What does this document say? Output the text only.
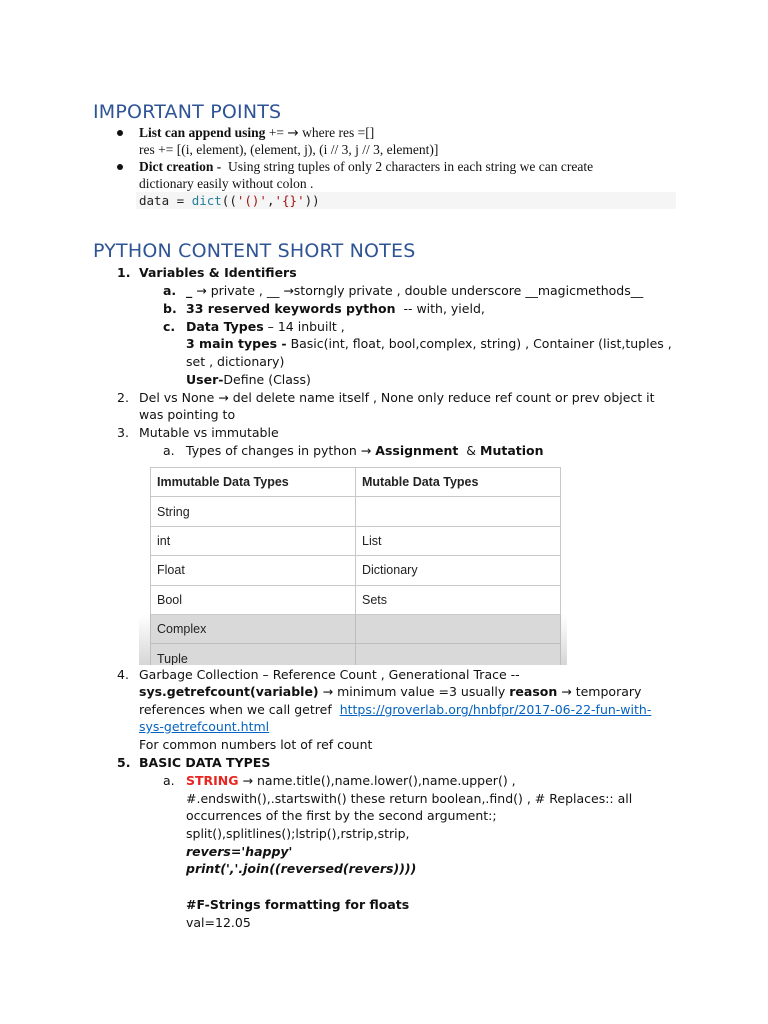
IMPORTANT POINTS
List can append using += → where res =[]
res += [(i, element), (element, j), (i // 3, j // 3, element)]
Dict creation - Using string tuples of only 2 characters in each string we can create
dictionary easily without colon .
data = dict(('()','{}'))
PYTHON CONTENT SHORT NOTES
1. Variables & Identifiers
a. _ → private , __ →storngly private , double underscore __magicmethods__
b. 33 reserved keywords python -- with, yield,
c. Data Types – 14 inbuilt ,
3 main types - Basic(int, float, bool,complex, string) , Container (list,tuples ,
set , dictionary)
User-Define (Class)
2. Del vs None → del delete name itself , None only reduce ref count or prev object it
was pointing to
3. Mutable vs immutable
a. Types of changes in python → Assignment & Mutation
Immutable Data Types	Mutable Data Types
String	
int	List
Float	Dictionary
Bool	Sets
Complex	
Tuple	
4. Garbage Collection – Reference Count , Generational Trace --
sys.getrefcount(variable) → minimum value =3 usually reason → temporary
references when we call getref https://groverlab.org/hnbfpr/2017-06-22-fun-with-
sys-getrefcount.html
For common numbers lot of ref count
5. BASIC DATA TYPES
a. STRING → name.title(),name.lower(),name.upper() ,
#.endswith(),.startswith() these return boolean,.find() , # Replaces:: all
occurrences of the first by the second argument:;
split(),splitlines();lstrip(),rstrip,strip,
revers='happy'
print(','.join((reversed(revers))))
#F-Strings formatting for floats
val=12.05
